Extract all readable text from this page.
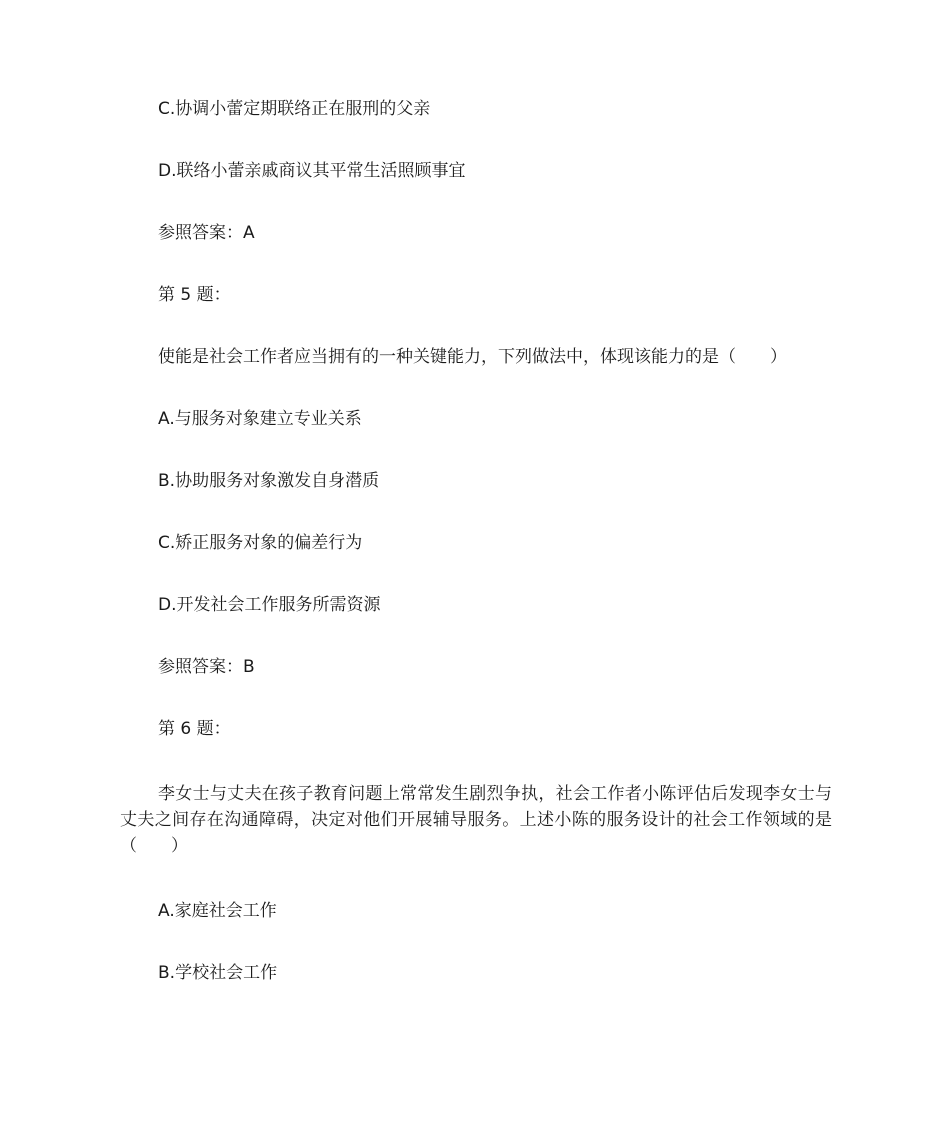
C.协调小蕾定期联络正在服刑的父亲
D.联络小蕾亲戚商议其平常生活照顾事宜
参照答案：A
第 5 题：
使能是社会工作者应当拥有的一种关键能力，下列做法中，体现该能力的是（　　）
A.与服务对象建立专业关系
B.协助服务对象激发自身潜质
C.矫正服务对象的偏差行为
D.开发社会工作服务所需资源
参照答案：B
第 6 题：
李女士与丈夫在孩子教育问题上常常发生剧烈争执，社会工作者小陈评估后发现李女士与丈夫之间存在沟通障碍，决定对他们开展辅导服务。上述小陈的服务设计的社会工作领域的是（　　）
A.家庭社会工作
B.学校社会工作
